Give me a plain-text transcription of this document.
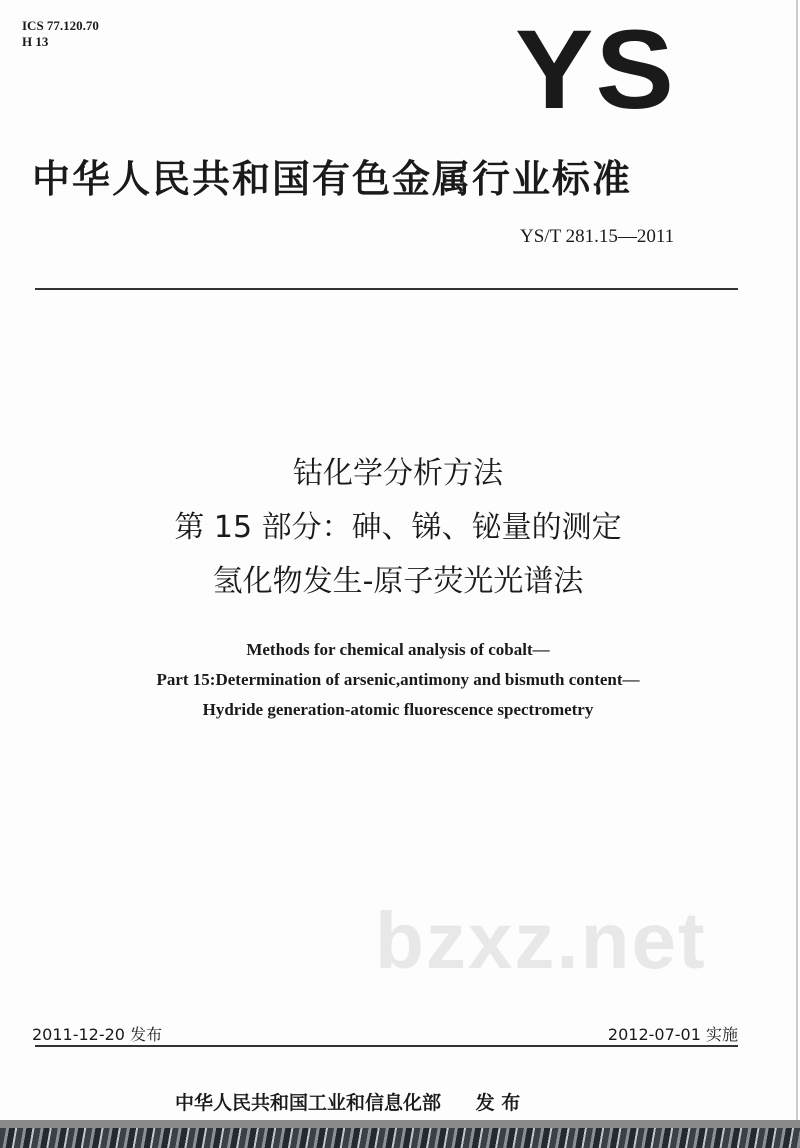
ICS 77.120.70
H 13	YS
中华人民共和国有色金属行业标准
YS/T 281.15—2011
钴化学分析方法
第 15 部分：砷、锑、铋量的测定
氢化物发生-原子荧光光谱法
Methods for chemical analysis of cobalt—
Part 15:Determination of arsenic,antimony and bismuth content—
Hydride generation-atomic fluorescence spectrometry
bzxz.net
2011-12-20 发布	2012-07-01 实施
中华人民共和国工业和信息化部 发 布
